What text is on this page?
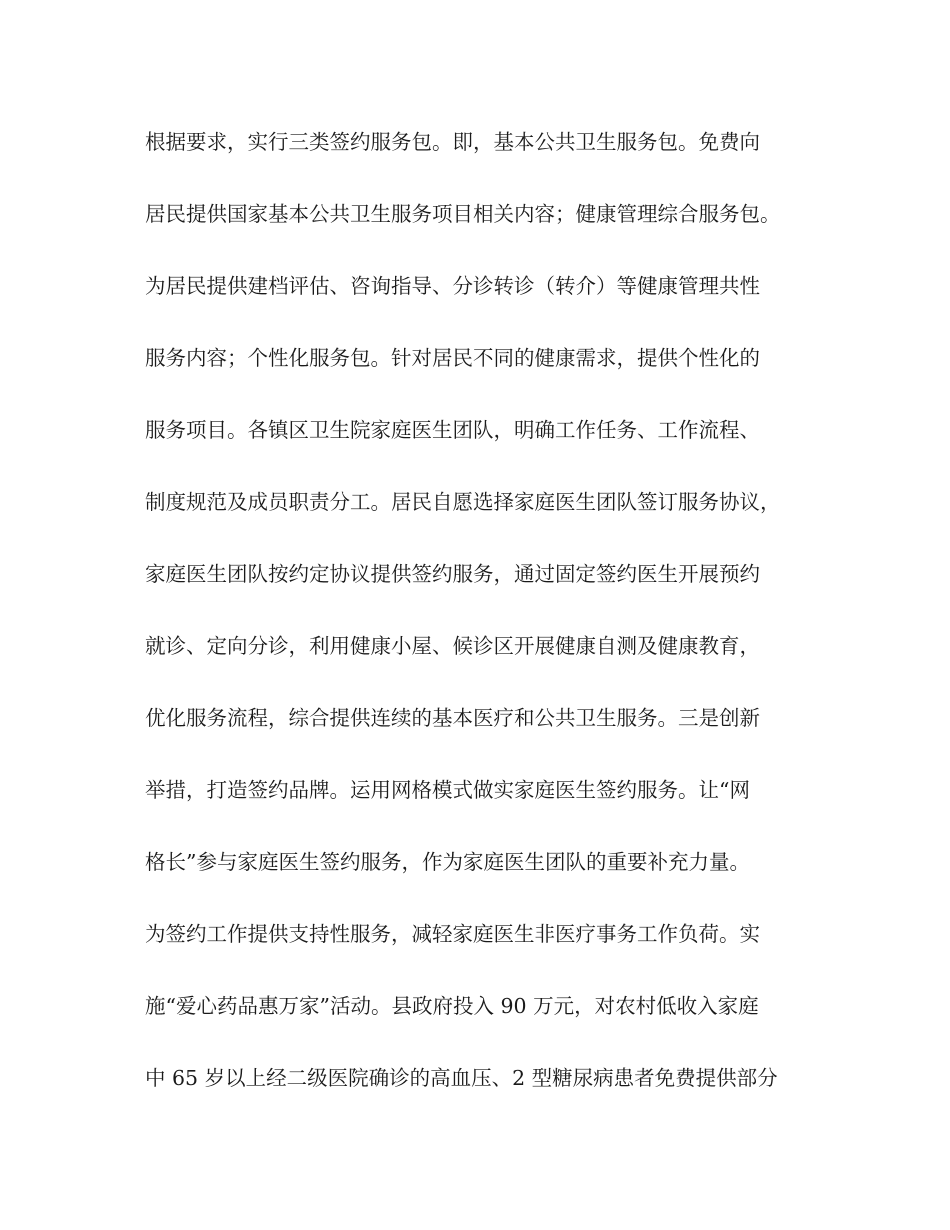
根据要求，实行三类签约服务包。即，基本公共卫生服务包。免费向

居民提供国家基本公共卫生服务项目相关内容；健康管理综合服务包。

为居民提供建档评估、咨询指导、分诊转诊（转介）等健康管理共性

服务内容；个性化服务包。针对居民不同的健康需求，提供个性化的

服务项目。各镇区卫生院家庭医生团队，明确工作任务、工作流程、

制度规范及成员职责分工。居民自愿选择家庭医生团队签订服务协议，

家庭医生团队按约定协议提供签约服务，通过固定签约医生开展预约

就诊、定向分诊，利用健康小屋、候诊区开展健康自测及健康教育，

优化服务流程，综合提供连续的基本医疗和公共卫生服务。三是创新

举措，打造签约品牌。运用网格模式做实家庭医生签约服务。让“网

格长”参与家庭医生签约服务，作为家庭医生团队的重要补充力量。

为签约工作提供支持性服务，减轻家庭医生非医疗事务工作负荷。实

施“爱心药品惠万家”活动。县政府投入 90 万元，对农村低收入家庭

中 65 岁以上经二级医院确诊的高血压、2 型糖尿病患者免费提供部分
